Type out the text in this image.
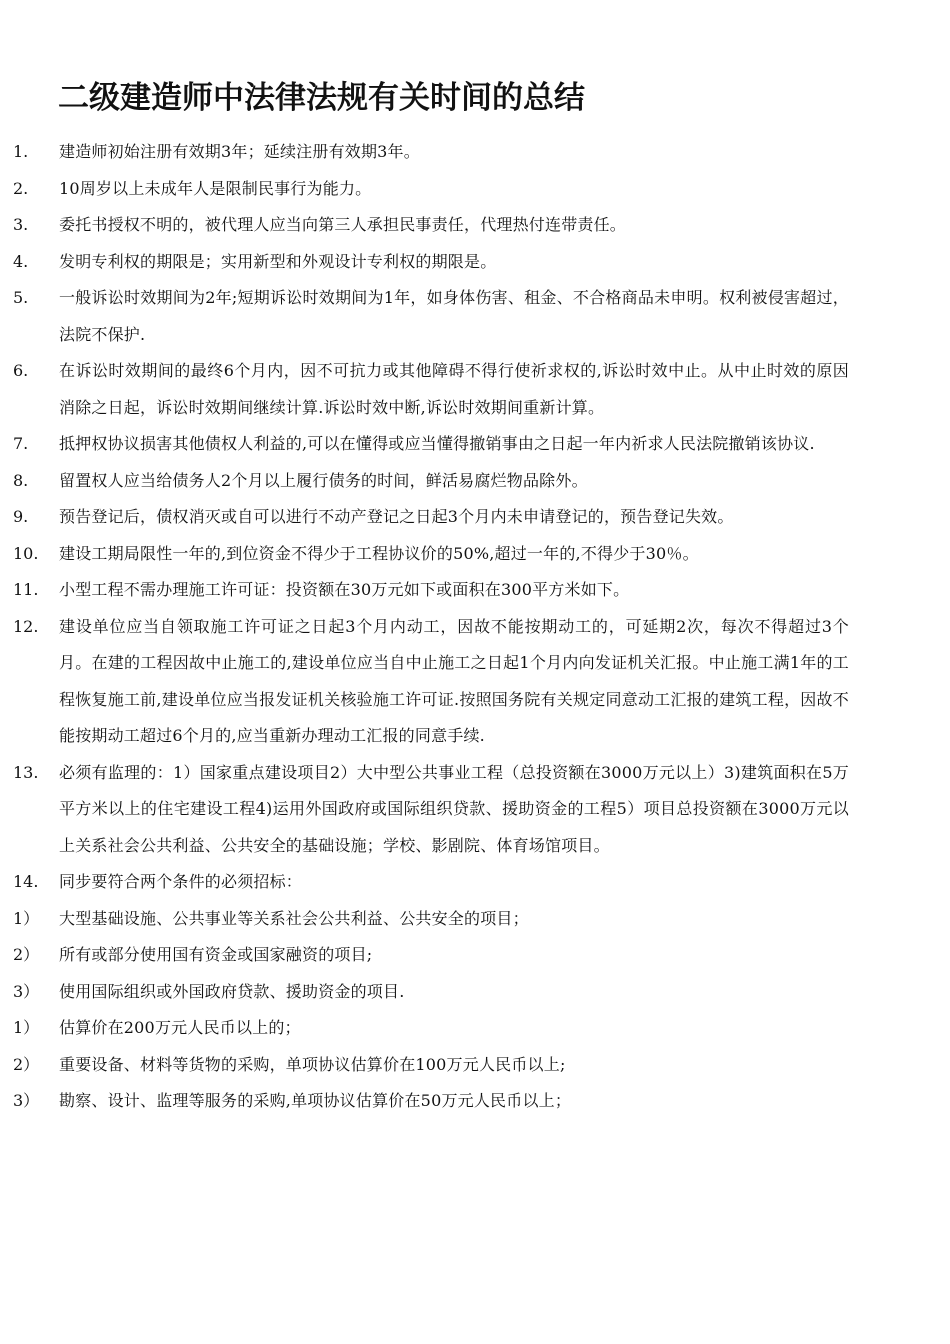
二级建造师中法律法规有关时间的总结
1.	建造师初始注册有效期3年；延续注册有效期3年。
2.	10周岁以上未成年人是限制民事行为能力。
3.	委托书授权不明的，被代理人应当向第三人承担民事责任，代理热付连带责任。
4.	发明专利权的期限是；实用新型和外观设计专利权的期限是。
5.	一般诉讼时效期间为2年;短期诉讼时效期间为1年，如身体伤害、租金、不合格商品未申明。权利被侵害超过，法院不保护.
6.	在诉讼时效期间的最终6个月内，因不可抗力或其他障碍不得行使祈求权的,诉讼时效中止。从中止时效的原因消除之日起，诉讼时效期间继续计算.诉讼时效中断,诉讼时效期间重新计算。
7.	抵押权协议损害其他债权人利益的,可以在懂得或应当懂得撤销事由之日起一年内祈求人民法院撤销该协议.
8.	留置权人应当给债务人2个月以上履行债务的时间，鲜活易腐烂物品除外。
9.	预告登记后，债权消灭或自可以进行不动产登记之日起3个月内未申请登记的，预告登记失效。
10.	建设工期局限性一年的,到位资金不得少于工程协议价的50%,超过一年的,不得少于30％。
11.	小型工程不需办理施工许可证：投资额在30万元如下或面积在300平方米如下。
12.	建设单位应当自领取施工许可证之日起3个月内动工，因故不能按期动工的，可延期2次，每次不得超过3个月。在建的工程因故中止施工的,建设单位应当自中止施工之日起1个月内向发证机关汇报。中止施工满1年的工程恢复施工前,建设单位应当报发证机关核验施工许可证.按照国务院有关规定同意动工汇报的建筑工程，因故不能按期动工超过6个月的,应当重新办理动工汇报的同意手续.
13.	必须有监理的：1）国家重点建设项目2）大中型公共事业工程（总投资额在3000万元以上）3)建筑面积在5万平方米以上的住宅建设工程4)运用外国政府或国际组织贷款、援助资金的工程5）项目总投资额在3000万元以上关系社会公共利益、公共安全的基础设施；学校、影剧院、体育场馆项目。
14.	同步要符合两个条件的必须招标：
1）	大型基础设施、公共事业等关系社会公共利益、公共安全的项目；
2）	所有或部分使用国有资金或国家融资的项目;
3）	使用国际组织或外国政府贷款、援助资金的项目.
1）	估算价在200万元人民币以上的；
2）	重要设备、材料等货物的采购，单项协议估算价在100万元人民币以上;
3）	勘察、设计、监理等服务的采购,单项协议估算价在50万元人民币以上；
